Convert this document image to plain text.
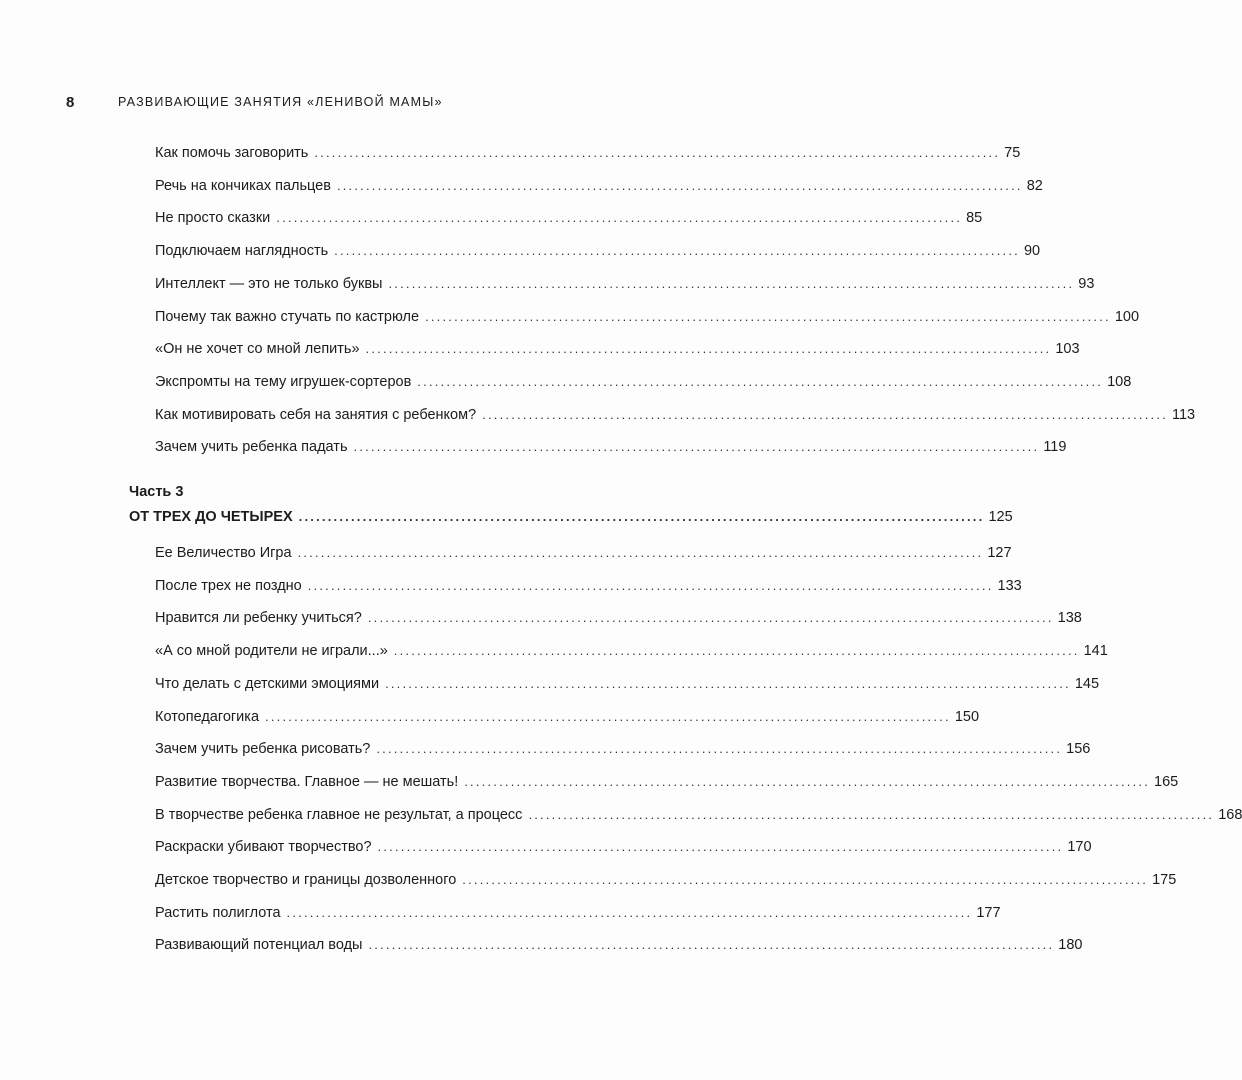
8	РАЗВИВАЮЩИЕ ЗАНЯТИЯ «ЛЕНИВОЙ МАМЫ»
Как помочь заговорить ...................................................................................................................... 75
Речь на кончиках пальцев ...................................................................................................................... 82
Не просто сказки ...................................................................................................................... 85
Подключаем наглядность ...................................................................................................................... 90
Интеллект — это не только буквы ...................................................................................................................... 93
Почему так важно стучать по кастрюле ...................................................................................................................... 100
«Он не хочет со мной лепить» ...................................................................................................................... 103
Экспромты на тему игрушек-сортеров ...................................................................................................................... 108
Как мотивировать себя на занятия с ребенком? ...................................................................................................................... 113
Зачем учить ребенка падать ...................................................................................................................... 119
ОТ ТРЕХ ДО ЧЕТЫРЕХ ...................................................................................................................... 125
Ее Величество Игра ...................................................................................................................... 127
После трех не поздно ...................................................................................................................... 133
Нравится ли ребенку учиться? ...................................................................................................................... 138
«А со мной родители не играли...» ...................................................................................................................... 141
Что делать с детскими эмоциями ...................................................................................................................... 145
Котопедагогика ...................................................................................................................... 150
Зачем учить ребенка рисовать? ...................................................................................................................... 156
Развитие творчества. Главное — не мешать! ...................................................................................................................... 165
В творчестве ребенка главное не результат, а процесс ...................................................................................................................... 168
Раскраски убивают творчество? ...................................................................................................................... 170
Детское творчество и границы дозволенного ...................................................................................................................... 175
Растить полиглота ...................................................................................................................... 177
Развивающий потенциал воды ...................................................................................................................... 180
Часть 3
